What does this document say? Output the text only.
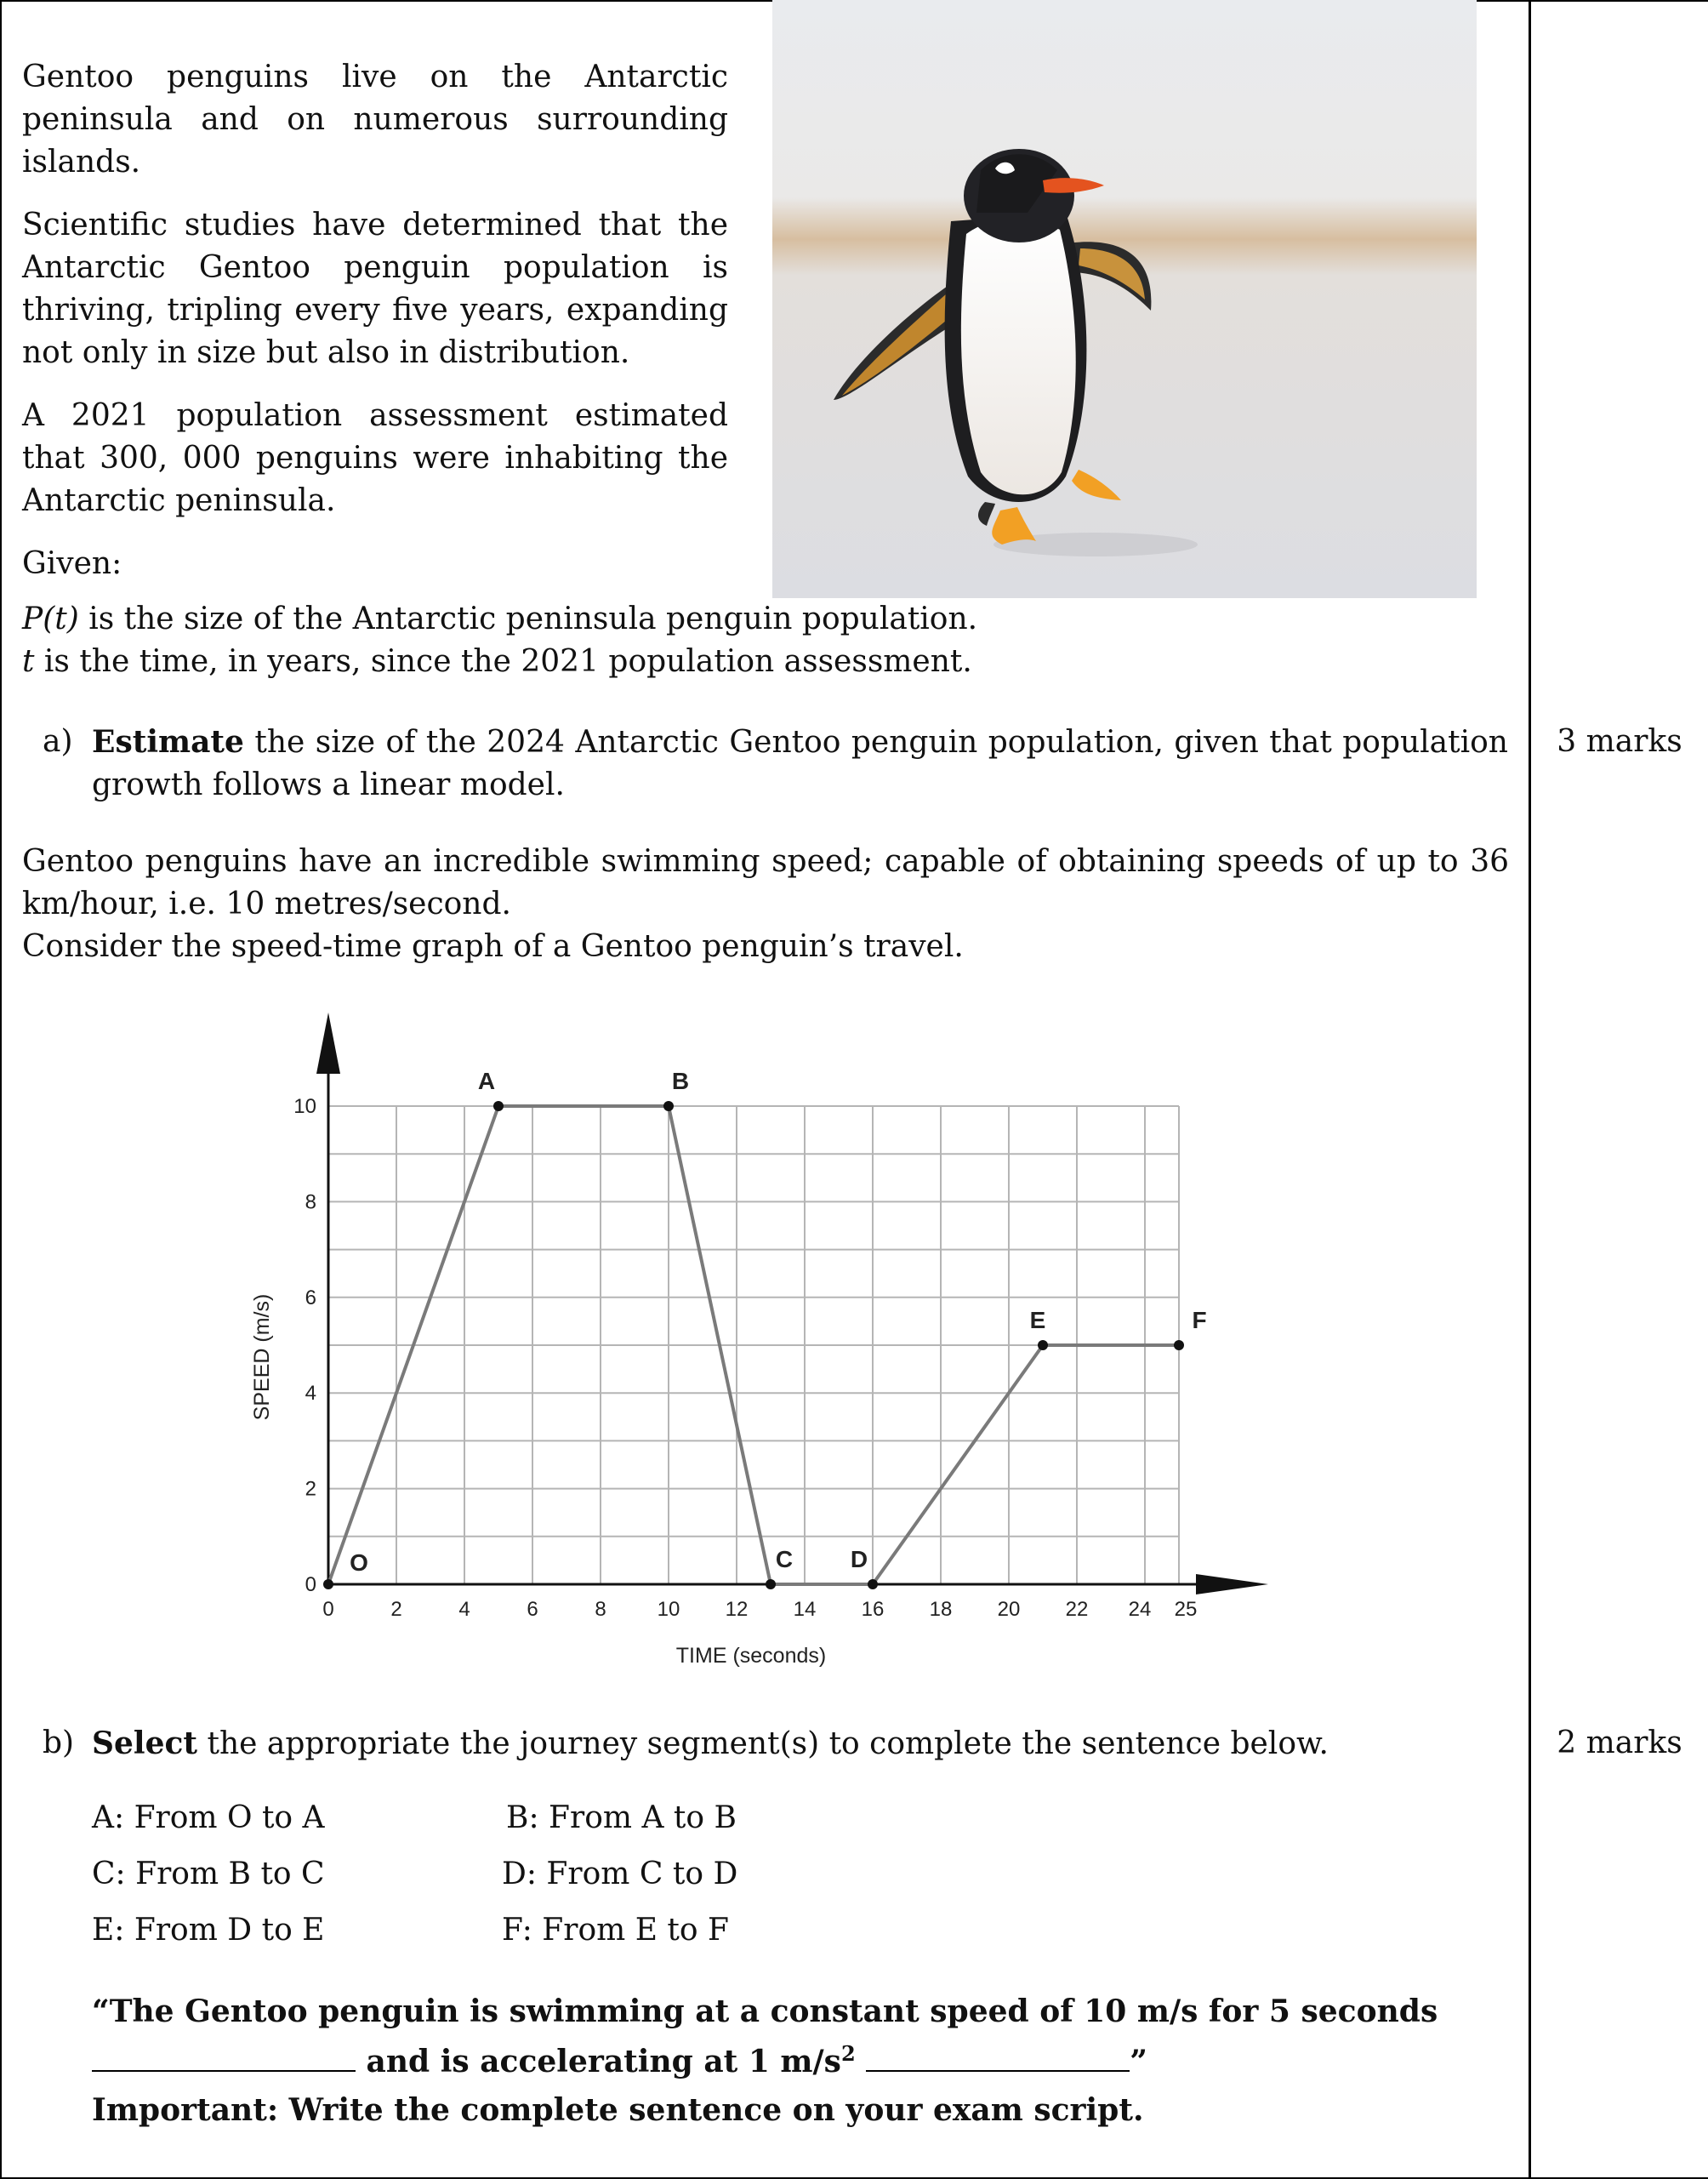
Gentoo penguins live on the Antarctic peninsula and on numerous surrounding islands.

Scientific studies have determined that the Antarctic Gentoo penguin population is thriving, tripling every five years, expanding not only in size but also in distribution.

A 2021 population assessment estimated that 300, 000 penguins were inhabiting the Antarctic peninsula.

Given:

P(t) is the size of the Antarctic peninsula penguin population.
t is the time, in years, since the 2021 population assessment.
a) Estimate the size of the 2024 Antarctic Gentoo penguin population, given that population growth follows a linear model.
3 marks
Gentoo penguins have an incredible swimming speed; capable of obtaining speeds of up to 36 km/hour, i.e. 10 metres/second.
Consider the speed-time graph of a Gentoo penguin’s travel.
0	2	4	6	8 10 12 14 16 18 20 22 24 25
0
2
4
6
8
10
O
A	B
C D
E	F
TIME (seconds)
SPEED (m/s)
b) Select the appropriate the journey segment(s) to complete the sentence below.	2 marks
A: From O to A	B: From A to B
C: From B to C	D: From C to D
E: From D to E	F: From E to F
“The Gentoo penguin is swimming at a constant speed of 10 m/s for 5 seconds
and is accelerating at 1 $m/s^2$	”
Important: Write the complete sentence on your exam script.
